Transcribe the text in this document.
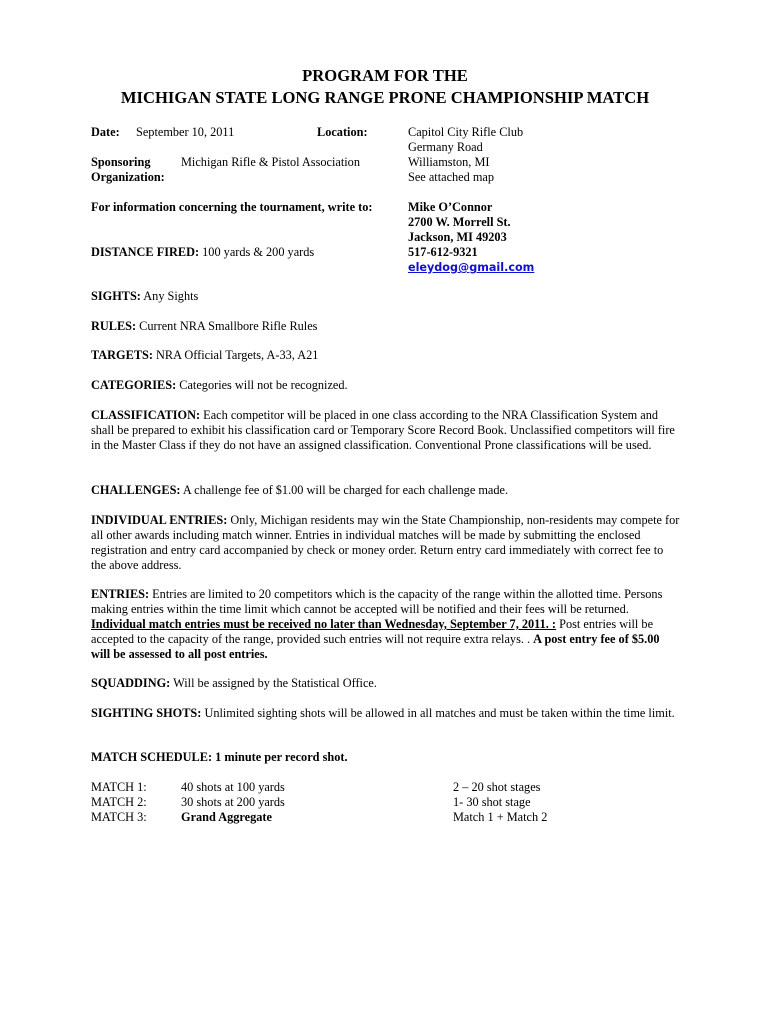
PROGRAM FOR THE
MICHIGAN STATE LONG RANGE PRONE CHAMPIONSHIP MATCH
Date: September 10, 2011	Location:	Capitol City Rifle Club
Germany Road
Williamston, MI
See attached map
Sponsoring
Organization:
Michigan Rifle & Pistol Association
For information concerning the tournament, write to:	Mike O’Connor
2700 W. Morrell St.
Jackson, MI 49203
517-612-9321
eleydog@gmail.com
DISTANCE FIRED: 100 yards & 200 yards
SIGHTS: Any Sights
RULES: Current NRA Smallbore Rifle Rules
TARGETS: NRA Official Targets, A-33, A21
CATEGORIES: Categories will not be recognized.
CLASSIFICATION: Each competitor will be placed in one class according to the NRA Classification System and shall be prepared to exhibit his classification card or Temporary Score Record Book. Unclassified competitors will fire in the Master Class if they do not have an assigned classification. Conventional Prone classifications will be used.
CHALLENGES: A challenge fee of $1.00 will be charged for each challenge made.
INDIVIDUAL ENTRIES: Only, Michigan residents may win the State Championship, non-residents may compete for all other awards including match winner. Entries in individual matches will be made by submitting the enclosed registration and entry card accompanied by check or money order. Return entry card immediately with correct fee to the above address.
ENTRIES: Entries are limited to 20 competitors which is the capacity of the range within the allotted time. Persons making entries within the time limit which cannot be accepted will be notified and their fees will be returned. Individual match entries must be received no later than Wednesday, September 7, 2011. : Post entries will be accepted to the capacity of the range, provided such entries will not require extra relays. . A post entry fee of $5.00 will be assessed to all post entries.
SQUADDING: Will be assigned by the Statistical Office.
SIGHTING SHOTS: Unlimited sighting shots will be allowed in all matches and must be taken within the time limit.
MATCH SCHEDULE: 1 minute per record shot.
MATCH 1:	40 shots at 100 yards	2 – 20 shot stages
MATCH 2:	30 shots at 200 yards	1- 30 shot stage
MATCH 3:	Grand Aggregate	Match 1 + Match 2
